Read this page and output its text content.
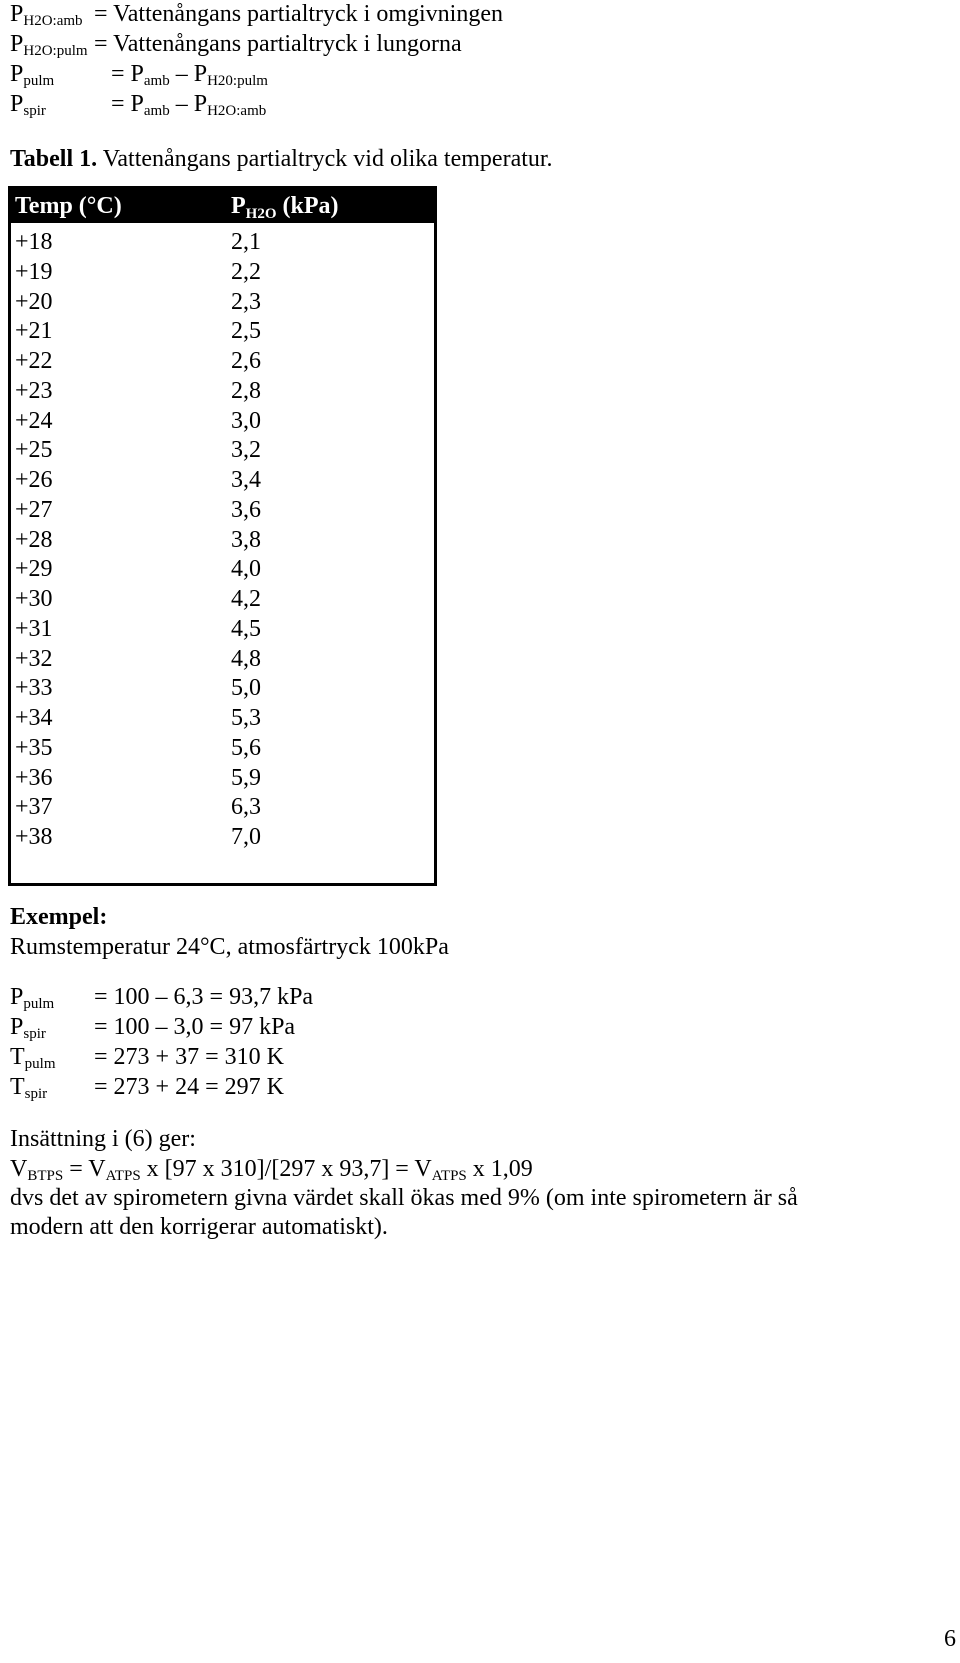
$P_{H2O:amb}$ = Vattenångans partialtryck i omgivningen
$P_{H2O:pulm}$ = Vattenångans partialtryck i lungorna
$P_{pulm} = P_{amb} - P_{H20:pulm}$
$P_{spir}$	= $P_{amb} - P_{H2O:amb}$
Tabell 1. Vattenångans partialtryck vid olika temperatur.
Temp (°C)	$P_{H2O}$ (kPa)
+18	2,1
+19	2,2
+20	2,3
+21	2,5
+22	2,6
+23	2,8
+24	3,0
+25	3,2
+26	3,4
+27	3,6
+28	3,8
+29	4,0
+30	4,2
+31	4,5
+32	4,8
+33	5,0
+34	5,3
+35	5,6
+36	5,9
+37	6,3
+38	7,0
Exempel:
Rumstemperatur 24°C, atmosfärtryck 100kPa
$P_{pulm} = 100 - 6,3 = 93,7$ kPa
$P_{spir} = 100 - 3,0 = 97$ kPa
$T_{pulm} = 273 + 37 = 310$ K
$T_{spir} = 273 + 24 = 297$ K
Insättning i (6) ger:
$V_{BTPS} = V_{ATPS}$ x [97 x 310]/[297 x $93,7] = V_{ATPS}$ x 1,09
dvs det av spirometern givna värdet skall ökas med 9% (om inte spirometern är så
modern att den korrigerar automatiskt).
6
